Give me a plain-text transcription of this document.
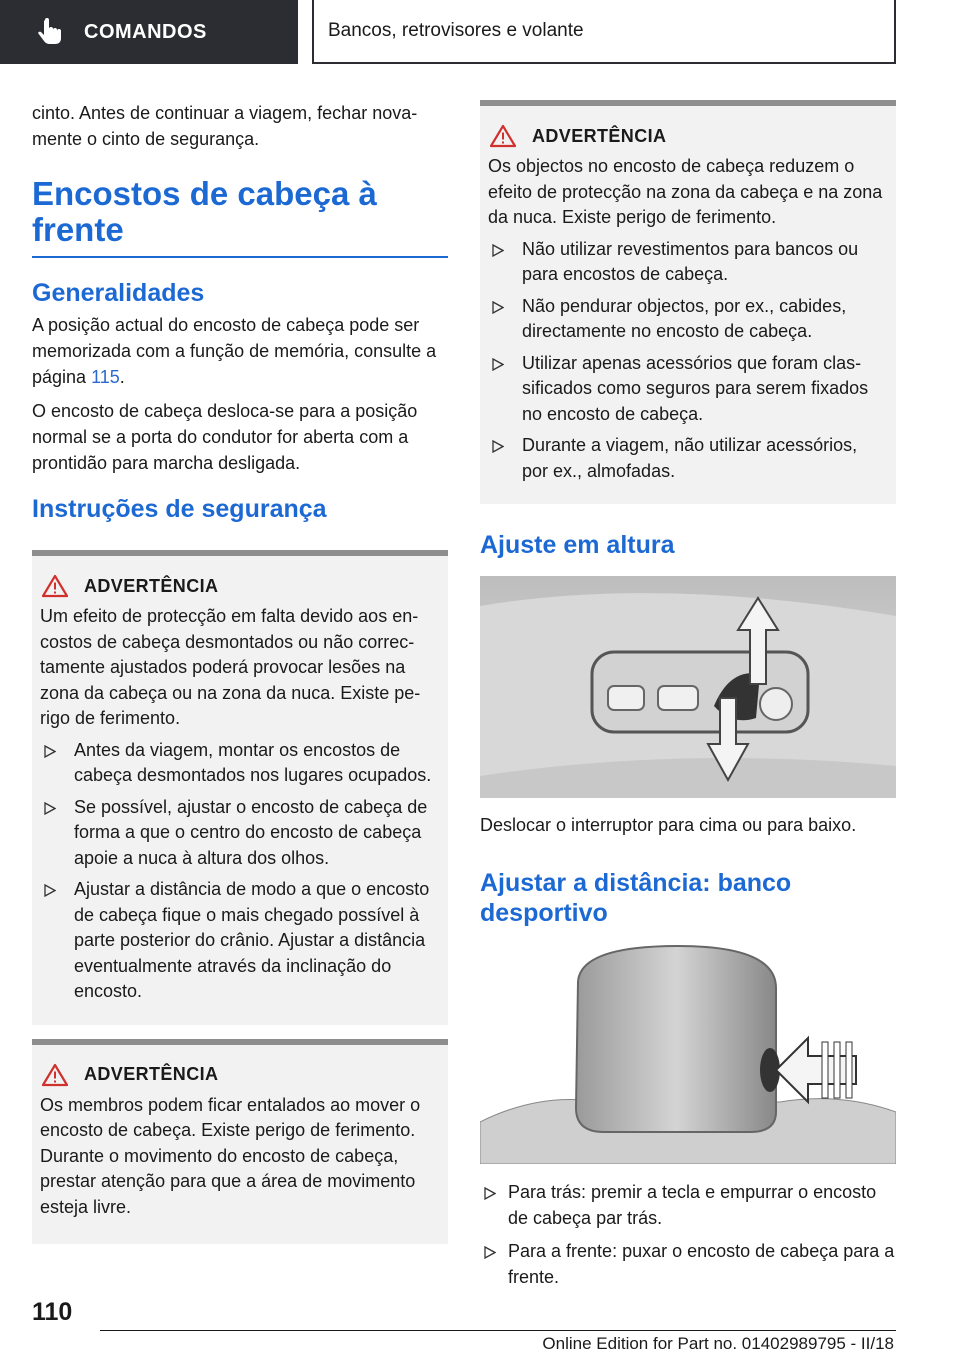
COMANDOS	Bancos, retrovisores e volante

cinto. Antes de continuar a viagem, fechar novamente o cinto de segurança.

Encostos de cabeça à frente
Generalidades

A posição actual do encosto de cabeça pode ser memorizada com a função de memória, consulte a página 115.

O encosto de cabeça desloca-se para a posição normal se a porta do condutor for aberta com a prontidão para marcha desligada.

Instruções de segurança
ADVERTÊNCIA

Um efeito de protecção em falta devido aos encostos de cabeça desmontados ou não correctamente ajustados poderá provocar lesões na zona da cabeça ou na zona da nuca. Existe perigo de ferimento.

Antes da viagem, montar os encostos de cabeça desmontados nos lugares ocupados.
Se possível, ajustar o encosto de cabeça de forma a que o centro do encosto de cabeça apoie a nuca à altura dos olhos.
Ajustar a distância de modo a que o encosto de cabeça fique o mais chegado possível à parte posterior do crânio. Ajustar a distância eventualmente através da inclinação do encosto.
ADVERTÊNCIA

Os membros podem ficar entalados ao mover o encosto de cabeça. Existe perigo de ferimento. Durante o movimento do encosto de cabeça, prestar atenção para que a área de movimento esteja livre.

ADVERTÊNCIA

Os objectos no encosto de cabeça reduzem o efeito de protecção na zona da cabeça e na zona da nuca. Existe perigo de ferimento.

Não utilizar revestimentos para bancos ou para encostos de cabeça.
Não pendurar objectos, por ex., cabides, directamente no encosto de cabeça.
Utilizar apenas acessórios que foram classificados como seguros para serem fixados no encosto de cabeça.
Durante a viagem, não utilizar acessórios, por ex., almofadas.
Ajuste em altura

Deslocar o interruptor para cima ou para baixo.

Ajustar a distância: banco desportivo
Para trás: premir a tecla e empurrar o encosto de cabeça par trás.
Para a frente: puxar o encosto de cabeça para a frente.
110
Online Edition for Part no. 01402989795 - II/18
